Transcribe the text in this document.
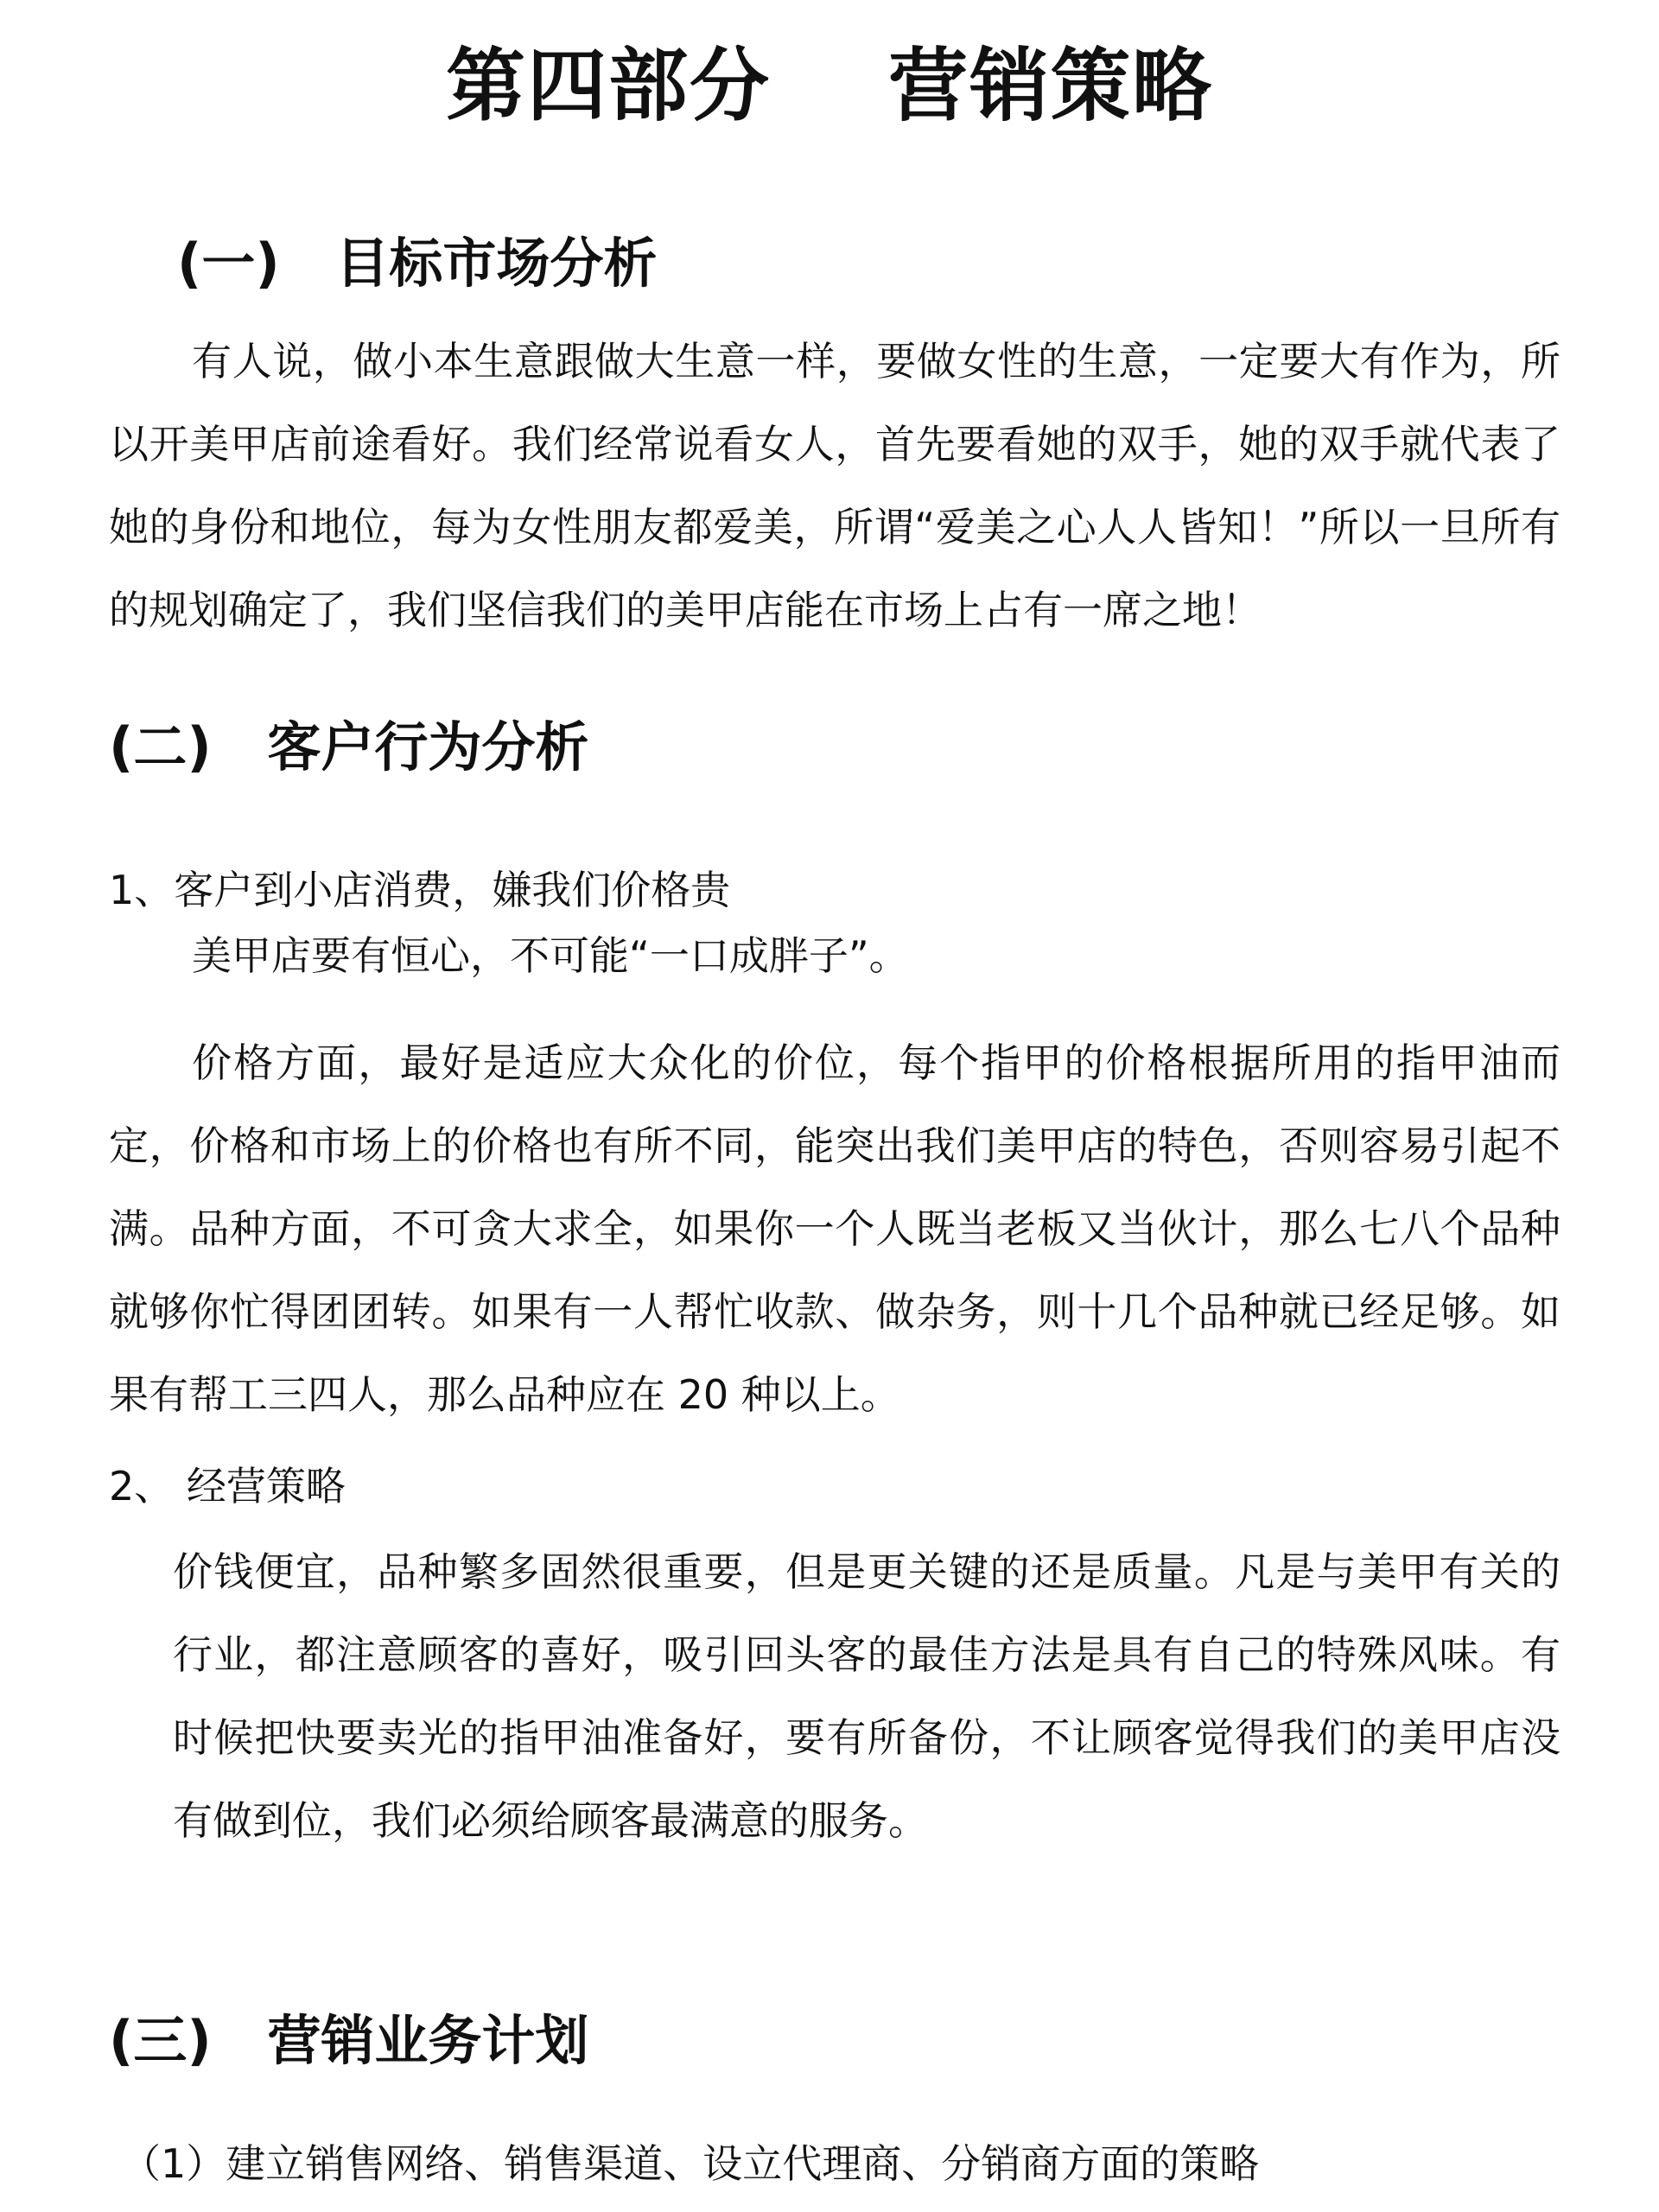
第四部分    营销策略
(一)   目标市场分析
有人说，做小本生意跟做大生意一样，要做女性的生意，一定要大有作为，所以开美甲店前途看好。我们经常说看女人，首先要看她的双手，她的双手就代表了她的身份和地位，每为女性朋友都爱美，所谓“爱美之心人人皆知！”所以一旦所有的规划确定了，我们坚信我们的美甲店能在市场上占有一席之地！
(二)   客户行为分析
1、客户到小店消费，嫌我们价格贵
美甲店要有恒心，不可能“一口成胖子”。
价格方面，最好是适应大众化的价位，每个指甲的价格根据所用的指甲油而定，价格和市场上的价格也有所不同，能突出我们美甲店的特色，否则容易引起不满。品种方面，不可贪大求全，如果你一个人既当老板又当伙计，那么七八个品种就够你忙得团团转。如果有一人帮忙收款、做杂务，则十几个品种就已经足够。如果有帮工三四人，那么品种应在 20 种以上。
2、 经营策略
价钱便宜，品种繁多固然很重要，但是更关键的还是质量。凡是与美甲有关的行业，都注意顾客的喜好，吸引回头客的最佳方法是具有自己的特殊风味。有时候把快要卖光的指甲油准备好，要有所备份，不让顾客觉得我们的美甲店没有做到位，我们必须给顾客最满意的服务。
(三)   营销业务计划
（1）建立销售网络、销售渠道、设立代理商、分销商方面的策略
